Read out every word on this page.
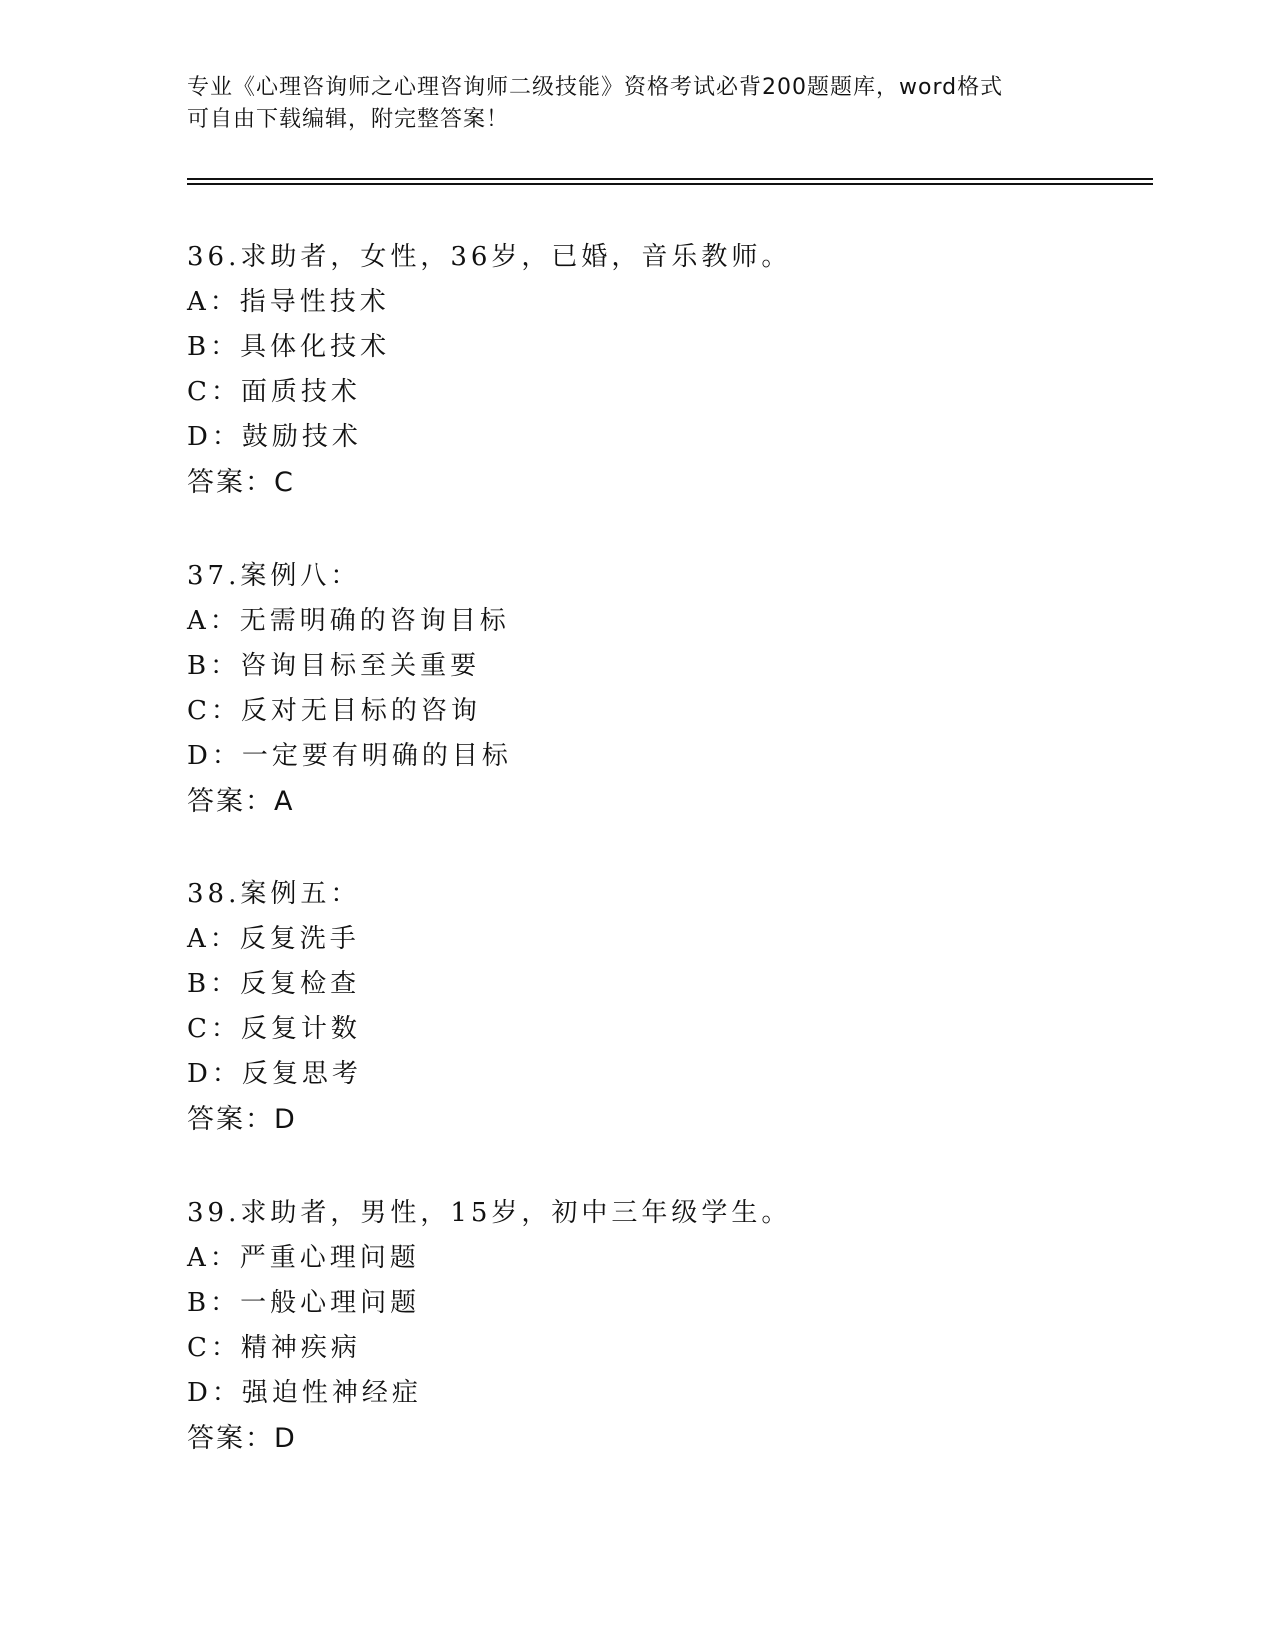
专业《心理咨询师之心理咨询师二级技能》资格考试必背200题题库，word格式
可自由下载编辑，附完整答案！
36.求助者，女性，36岁，已婚，音乐教师。
A：指导性技术
B：具体化技术
C：面质技术
D：鼓励技术
答案：C
37.案例八：
A：无需明确的咨询目标
B：咨询目标至关重要
C：反对无目标的咨询
D：一定要有明确的目标
答案：A
38.案例五：
A：反复洗手
B：反复检查
C：反复计数
D：反复思考
答案：D
39.求助者，男性，15岁，初中三年级学生。
A：严重心理问题
B：一般心理问题
C：精神疾病
D：强迫性神经症
答案：D
